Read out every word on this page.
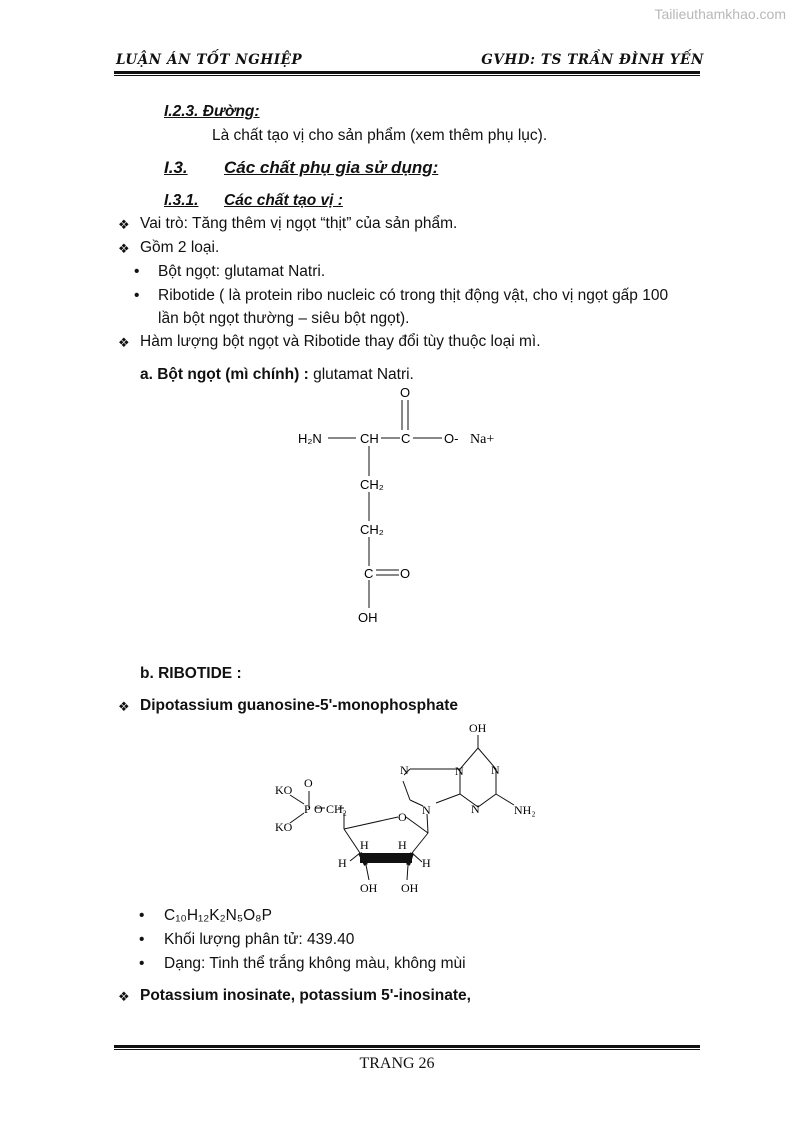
Tailieuthamkhao.com
LUẬN ÁN TỐT NGHIỆP	GVHD: TS TRẦN ĐÌNH YẾN
I.2.3. Đường:
Là chất tạo vị cho sản phẩm (xem thêm phụ lục).
I.3. Các chất phụ gia sử dụng:
I.3.1. Các chất tạo vị :
❖ Vai trò: Tăng thêm vị ngọt “thịt” của sản phẩm.
❖ Gồm 2 loại.
• Bột ngọt: glutamat Natri.
• Ribotide ( là protein ribo nucleic có trong thịt động vật, cho vị ngọt gấp 100
lần bột ngọt thường – siêu bột ngọt).
❖ Hàm lượng bột ngọt và Ribotide thay đổi tùy thuộc loại mì.
a. Bột ngọt (mì chính) : glutamat Natri.
H₂N	CH C
O
O- Na+
CH₂
CH₂
C O
OH
b. RIBOTIDE :
❖ Dipotassium guanosine-5'-monophosphate
OH
N	N
N
N
N	NH₂
KO
KO
O
P O CH₂
O
H
H H
H
OH OH
• C₁₀H₁₂K₂N₅O₈P
• Khối lượng phân tử: 439.40
• Dạng: Tinh thể trắng không màu, không mùi
❖ Potassium inosinate, potassium 5'-inosinate,
TRANG 26
